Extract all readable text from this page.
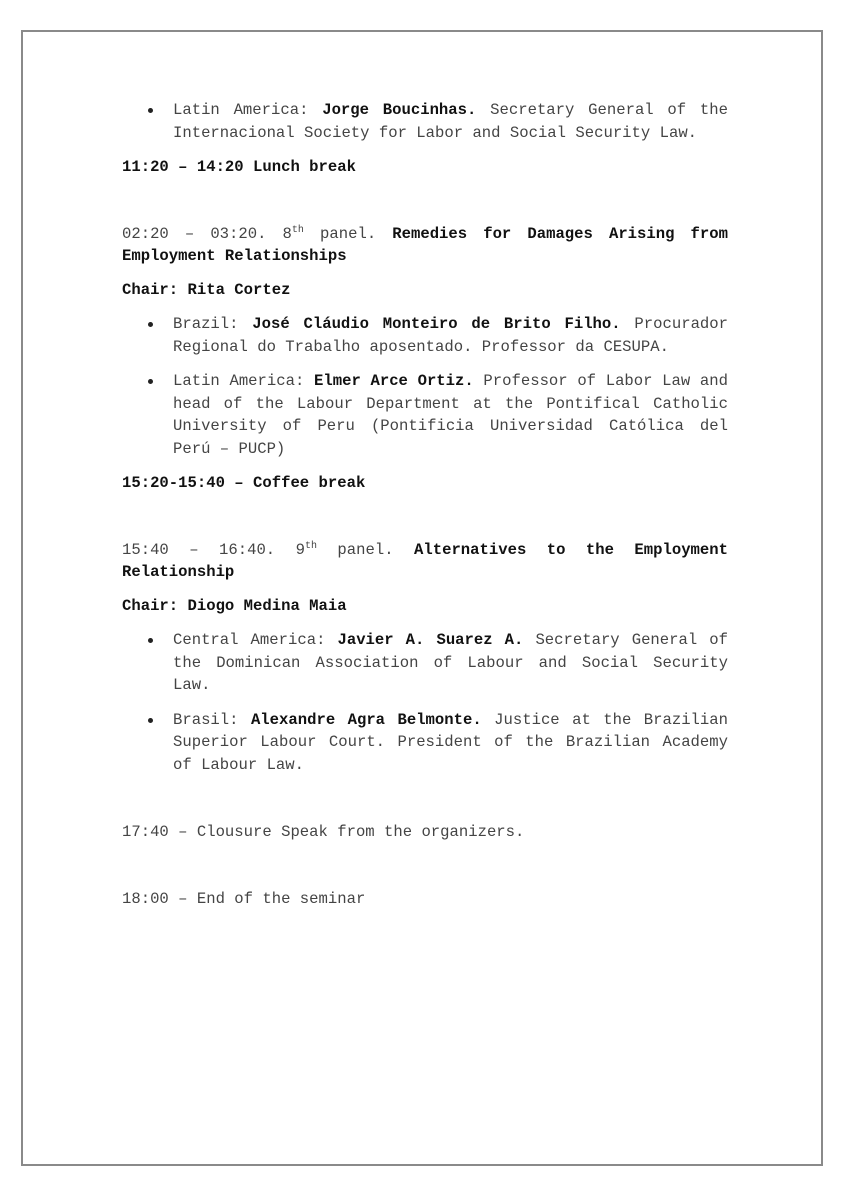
Latin America: Jorge Boucinhas. Secretary General of the Internacional Society for Labor and Social Security Law.
11:20 – 14:20 Lunch break
02:20 – 03:20. 8th panel. Remedies for Damages Arising from Employment Relationships
Chair: Rita Cortez
Brazil: José Cláudio Monteiro de Brito Filho. Procurador Regional do Trabalho aposentado. Professor da CESUPA.
Latin America: Elmer Arce Ortiz. Professor of Labor Law and head of the Labour Department at the Pontifical Catholic University of Peru (Pontificia Universidad Católica del Perú – PUCP)
15:20-15:40 – Coffee break
15:40 – 16:40. 9th panel. Alternatives to the Employment Relationship
Chair: Diogo Medina Maia
Central America: Javier A. Suarez A. Secretary General of the Dominican Association of Labour and Social Security Law.
Brasil: Alexandre Agra Belmonte. Justice at the Brazilian Superior Labour Court. President of the Brazilian Academy of Labour Law.
17:40 – Clousure Speak from the organizers.
18:00 – End of the seminar
